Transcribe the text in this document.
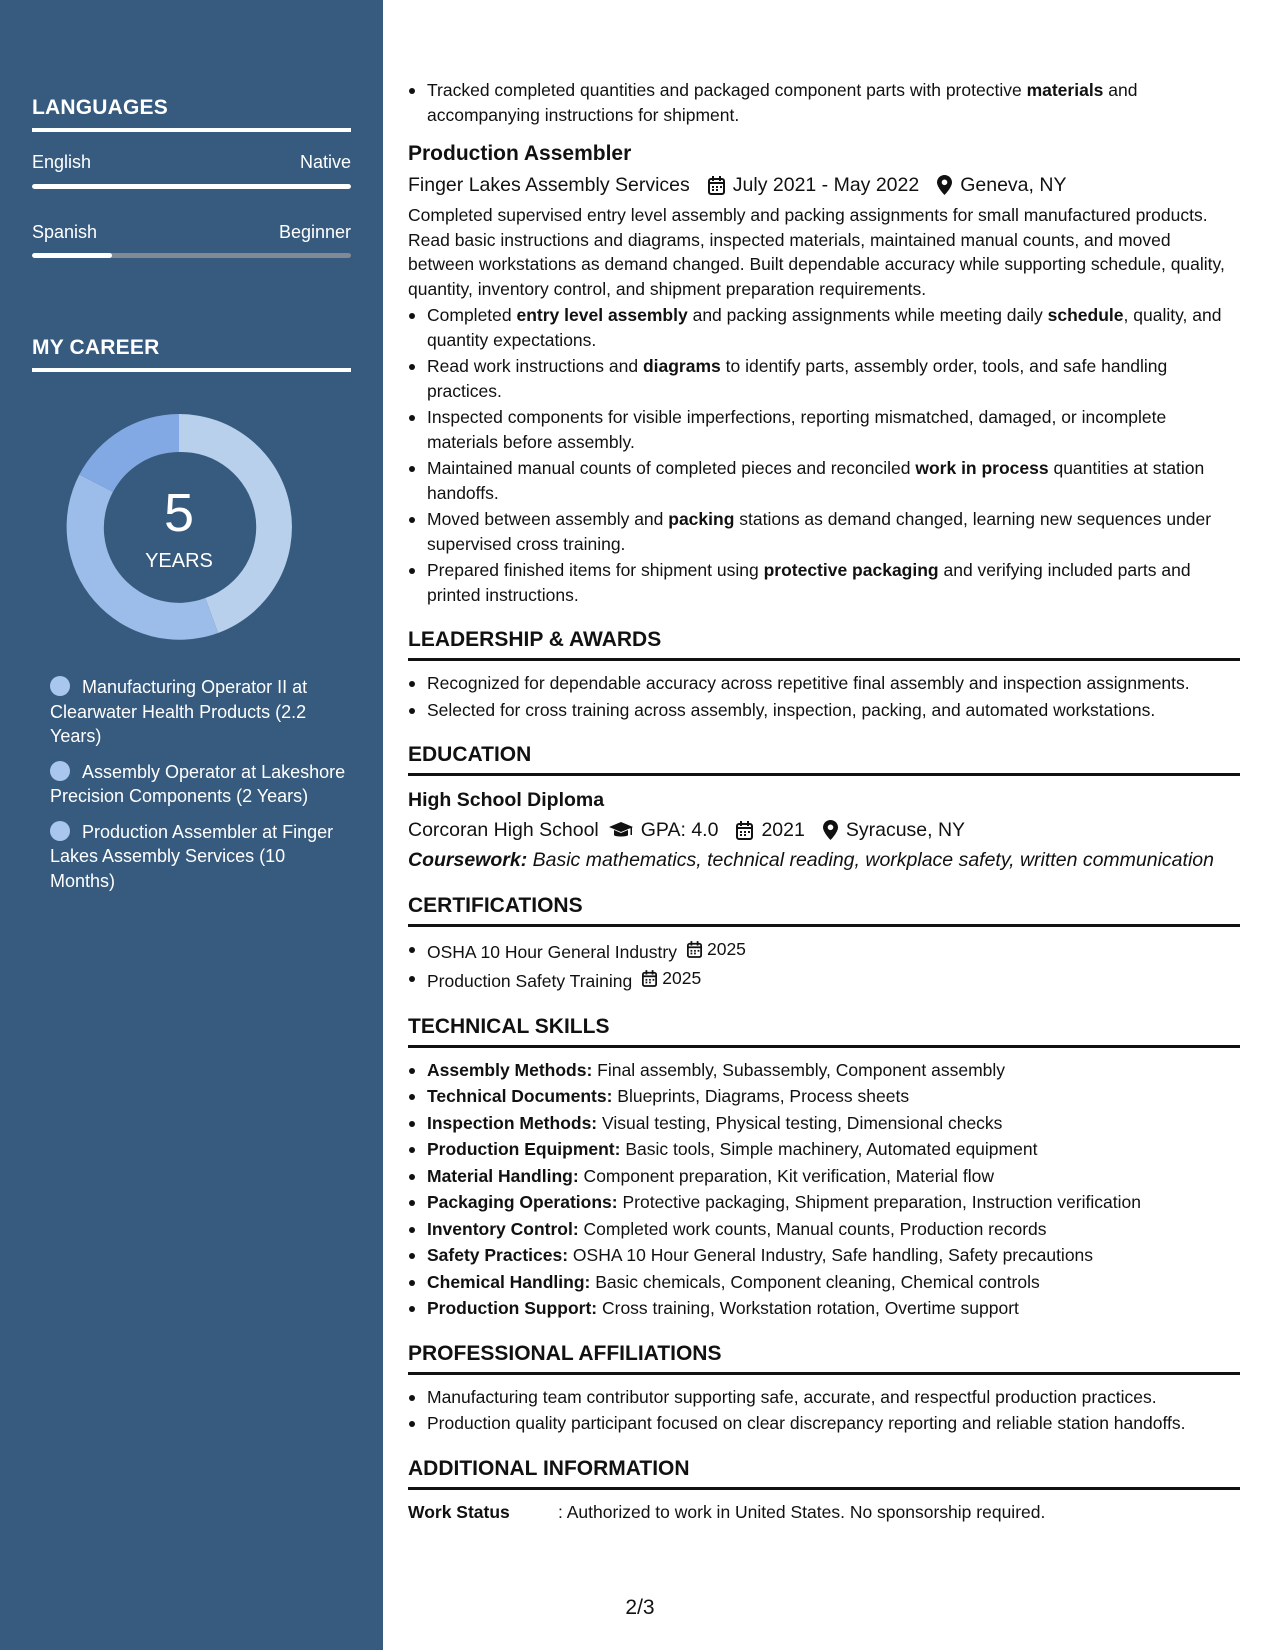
LANGUAGES
English	Native
Spanish	Beginner
MY CAREER
5
YEARS
Manufacturing Operator II at Clearwater Health Products (2.2 Years)
Assembly Operator at Lakeshore Precision Components (2 Years)
Production Assembler at Finger Lakes Assembly Services (10 Months)
Tracked completed quantities and packaged component parts with protective materials and accompanying instructions for shipment.
Production Assembler
Finger Lakes Assembly Services July 2021 - May 2022 Geneva, NY
Completed supervised entry level assembly and packing assignments for small manufactured products. Read basic instructions and diagrams, inspected materials, maintained manual counts, and moved between workstations as demand changed. Built dependable accuracy while supporting schedule, quality, quantity, inventory control, and shipment preparation requirements.
Completed entry level assembly and packing assignments while meeting daily schedule, quality, and quantity expectations.
Read work instructions and diagrams to identify parts, assembly order, tools, and safe handling practices.
Inspected components for visible imperfections, reporting mismatched, damaged, or incomplete materials before assembly.
Maintained manual counts of completed pieces and reconciled work in process quantities at station handoffs.
Moved between assembly and packing stations as demand changed, learning new sequences under supervised cross training.
Prepared finished items for shipment using protective packaging and verifying included parts and printed instructions.
LEADERSHIP & AWARDS
Recognized for dependable accuracy across repetitive final assembly and inspection assignments.
Selected for cross training across assembly, inspection, packing, and automated workstations.
EDUCATION
High School Diploma
Corcoran High School GPA: 4.0 2021 Syracuse, NY
Coursework: Basic mathematics, technical reading, workplace safety, written communication
CERTIFICATIONS
OSHA 10 Hour General Industry 2025
Production Safety Training 2025
TECHNICAL SKILLS
Assembly Methods: Final assembly, Subassembly, Component assembly
Technical Documents: Blueprints, Diagrams, Process sheets
Inspection Methods: Visual testing, Physical testing, Dimensional checks
Production Equipment: Basic tools, Simple machinery, Automated equipment
Material Handling: Component preparation, Kit verification, Material flow
Packaging Operations: Protective packaging, Shipment preparation, Instruction verification
Inventory Control: Completed work counts, Manual counts, Production records
Safety Practices: OSHA 10 Hour General Industry, Safe handling, Safety precautions
Chemical Handling: Basic chemicals, Component cleaning, Chemical controls
Production Support: Cross training, Workstation rotation, Overtime support
PROFESSIONAL AFFILIATIONS
Manufacturing team contributor supporting safe, accurate, and respectful production practices.
Production quality participant focused on clear discrepancy reporting and reliable station handoffs.
ADDITIONAL INFORMATION
Work Status	: Authorized to work in United States. No sponsorship required.
2/3
